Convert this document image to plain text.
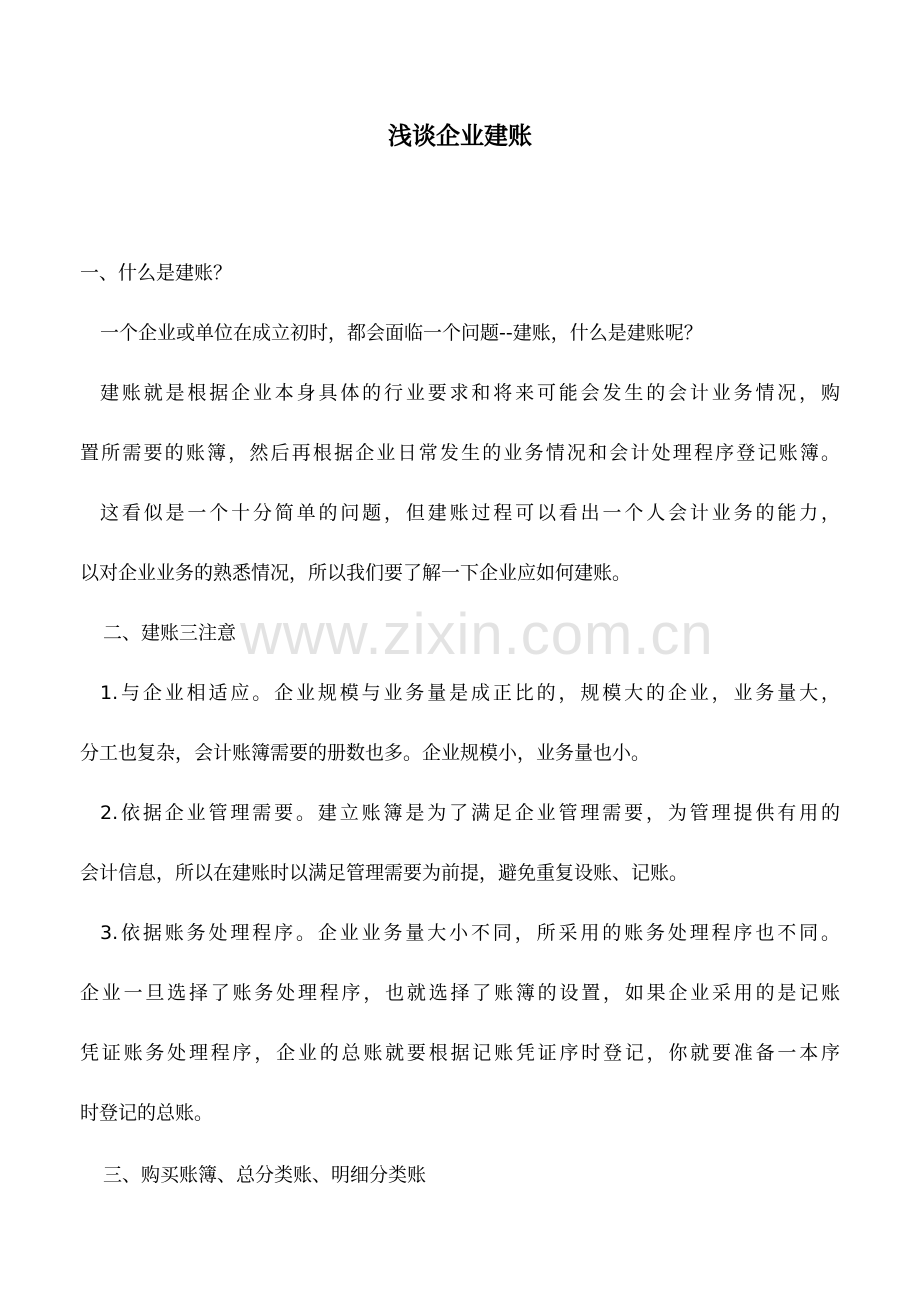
浅谈企业建账
www.zixin.com.cn

一、什么是建账？

一个企业或单位在成立初时，都会面临一个问题--建账，什么是建账呢？

建账就是根据企业本身具体的行业要求和将来可能会发生的会计业务情况，购

置所需要的账簿，然后再根据企业日常发生的业务情况和会计处理程序登记账簿。

这看似是一个十分简单的问题，但建账过程可以看出一个人会计业务的能力，

以对企业业务的熟悉情况，所以我们要了解一下企业应如何建账。

二、建账三注意

1.与企业相适应。企业规模与业务量是成正比的，规模大的企业，业务量大，

分工也复杂，会计账簿需要的册数也多。企业规模小，业务量也小。

2.依据企业管理需要。建立账簿是为了满足企业管理需要，为管理提供有用的

会计信息，所以在建账时以满足管理需要为前提，避免重复设账、记账。

3.依据账务处理程序。企业业务量大小不同，所采用的账务处理程序也不同。

企业一旦选择了账务处理程序，也就选择了账簿的设置，如果企业采用的是记账

凭证账务处理程序，企业的总账就要根据记账凭证序时登记，你就要准备一本序

时登记的总账。

三、购买账簿、总分类账、明细分类账
